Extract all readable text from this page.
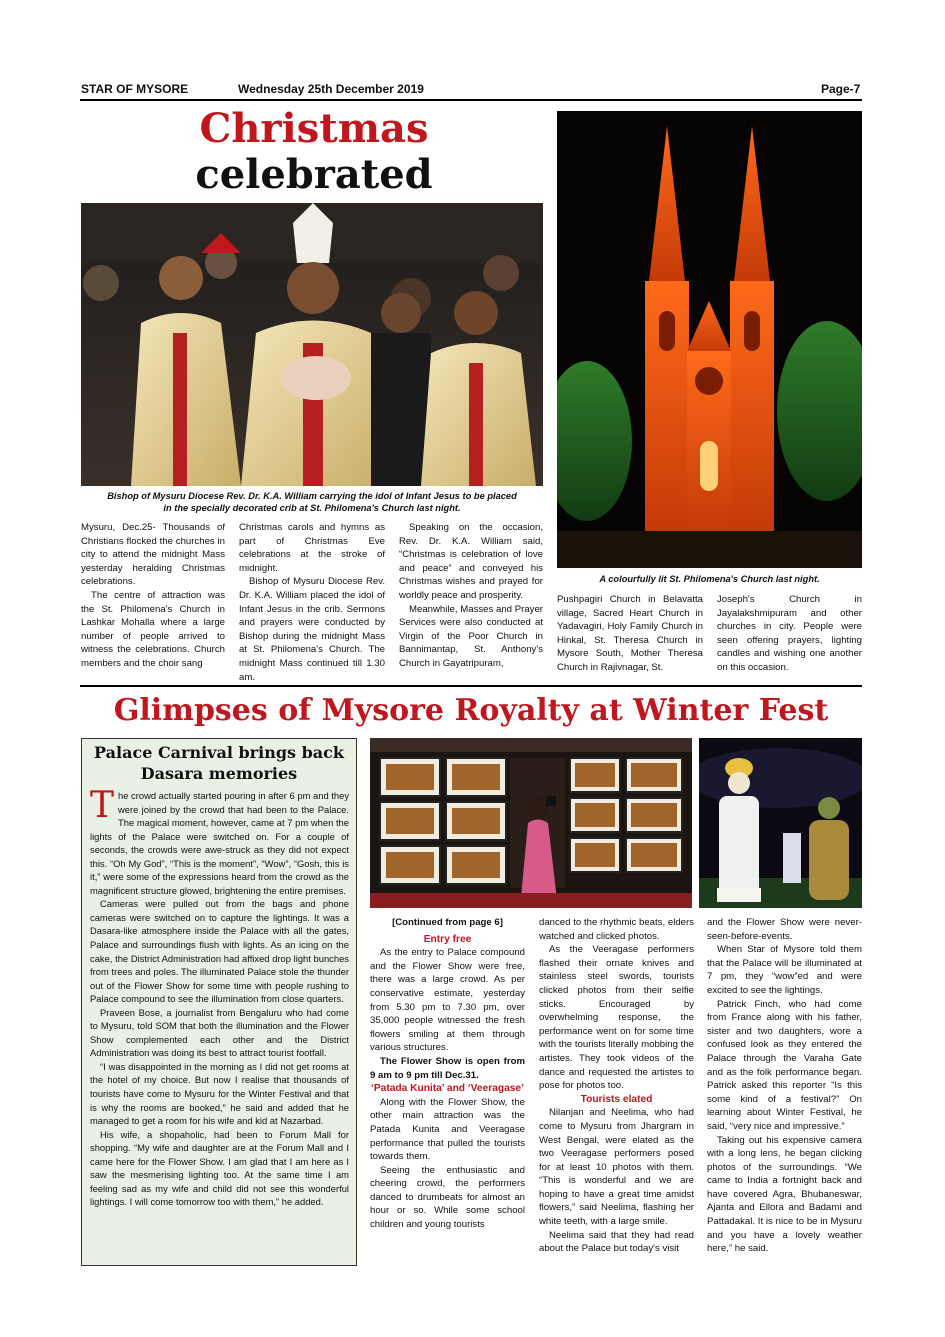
STAR OF MYSORE	Wednesday 25th December 2019	Page-7
Christmas celebrated

Bishop of Mysuru Diocese Rev. Dr. K.A. William carrying the idol of Infant Jesus to be placed
in the specially decorated crib at St. Philomena's Church last night.
A colourfully lit St. Philomena's Church last night.

Mysuru, Dec.25- Thousands of Christians flocked the churches in city to attend the midnight Mass yesterday heralding Christmas celebrations.

The centre of attraction was the St. Philomena's Church in Lashkar Mohalla where a large number of people arrived to witness the celebrations. Church members and the choir sang

Christmas carols and hymns as part of Christmas Eve celebrations at the stroke of midnight.

Bishop of Mysuru Diocese Rev. Dr. K.A. William placed the idol of Infant Jesus in the crib. Sermons and prayers were conducted by Bishop during the midnight Mass at St. Philomena's Church. The midnight Mass continued till 1.30 am.

Speaking on the occasion, Rev. Dr. K.A. William said, “Christmas is celebration of love and peace” and conveyed his Christmas wishes and prayed for worldly peace and prosperity.

Meanwhile, Masses and Prayer Services were also conducted at Virgin of the Poor Church in Bannimantap, St. Anthony's Church in Gayatripuram,

Pushpagiri Church in Belavatta village, Sacred Heart Church in Yadavagiri, Holy Family Church in Hinkal, St. Theresa Church in Mysore South, Mother Theresa Church in Rajivnagar, St.

Joseph's Church in Jayalakshmipuram and other churches in city. People were seen offering prayers, lighting candles and wishing one another on this occasion.

Glimpses of Mysore Royalty at Winter Fest
Palace Carnival brings back
Dasara memories

The crowd actually started pouring in after 6 pm and they were joined by the crowd that had been to the Palace. The magical moment, however, came at 7 pm when the lights of the Palace were switched on. For a couple of seconds, the crowds were awe-struck as they did not expect this. “Oh My God”, “This is the moment”, “Wow”, “Gosh, this is it,” were some of the expressions heard from the crowd as the magnificent structure glowed, brightening the entire premises.

Cameras were pulled out from the bags and phone cameras were switched on to capture the lightings. It was a Dasara-like atmosphere inside the Palace with all the gates, Palace and surroundings flush with lights. As an icing on the cake, the District Administration had affixed drop light bunches from trees and poles. The illuminated Palace stole the thunder out of the Flower Show for some time with people rushing to Palace compound to see the illumination from close quarters.

Praveen Bose, a journalist from Bengaluru who had come to Mysuru, told SOM that both the illumination and the Flower Show complemented each other and the District Administration was doing its best to attract tourist footfall.

“I was disappointed in the morning as I did not get rooms at the hotel of my choice. But now I realise that thousands of tourists have come to Mysuru for the Winter Festival and that is why the rooms are booked,” he said and added that he managed to get a room for his wife and kid at Nazarbad.

His wife, a shopaholic, had been to Forum Mall for shopping. “My wife and daughter are at the Forum Mall and I came here for the Flower Show. I am glad that I am here as I saw the mesmerising lighting too. At the same time I am feeling sad as my wife and child did not see this wonderful lightings. I will come tomorrow too with them,” he added.

[Continued from page 6]

Entry free

As the entry to Palace compound and the Flower Show were free, there was a large crowd. As per conservative estimate, yesterday from 5.30 pm to 7.30 pm, over 35,000 people witnessed the fresh flowers smiling at them through various structures.

The Flower Show is open from 9 am to 9 pm till Dec.31.

‘Patada Kunita’ and ‘Veeragase’

Along with the Flower Show, the other main attraction was the Patada Kunita and Veeragase performance that pulled the tourists towards them.

Seeing the enthusiastic and cheering crowd, the performers danced to drumbeats for almost an hour or so. While some school children and young tourists

danced to the rhythmic beats, elders watched and clicked photos.

As the Veeragase performers flashed their ornate knives and stainless steel swords, tourists clicked photos from their selfie sticks. Encouraged by overwhelming response, the performance went on for some time with the tourists literally mobbing the artistes. They took videos of the dance and requested the artistes to pose for photos too.

Tourists elated

Nilanjan and Neelima, who had come to Mysuru from Jhargram in West Bengal, were elated as the two Veeragase performers posed for at least 10 photos with them. “This is wonderful and we are hoping to have a great time amidst flowers,” said Neelima, flashing her white teeth, with a large smile.

Neelima said that they had read about the Palace but today's visit

and the Flower Show were never-seen-before-events.

When Star of Mysore told them that the Palace will be illuminated at 7 pm, they “wow”ed and were excited to see the lightings.

Patrick Finch, who had come from France along with his father, sister and two daughters, wore a confused look as they entered the Palace through the Varaha Gate and as the folk performance began. Patrick asked this reporter “Is this some kind of a festival?” On learning about Winter Festival, he said, “very nice and impressive.”

Taking out his expensive camera with a long lens, he began clicking photos of the surroundings. “We came to India a fortnight back and have covered Agra, Bhubaneswar, Ajanta and Ellora and Badami and Pattadakal. It is nice to be in Mysuru and you have a lovely weather here,” he said.
